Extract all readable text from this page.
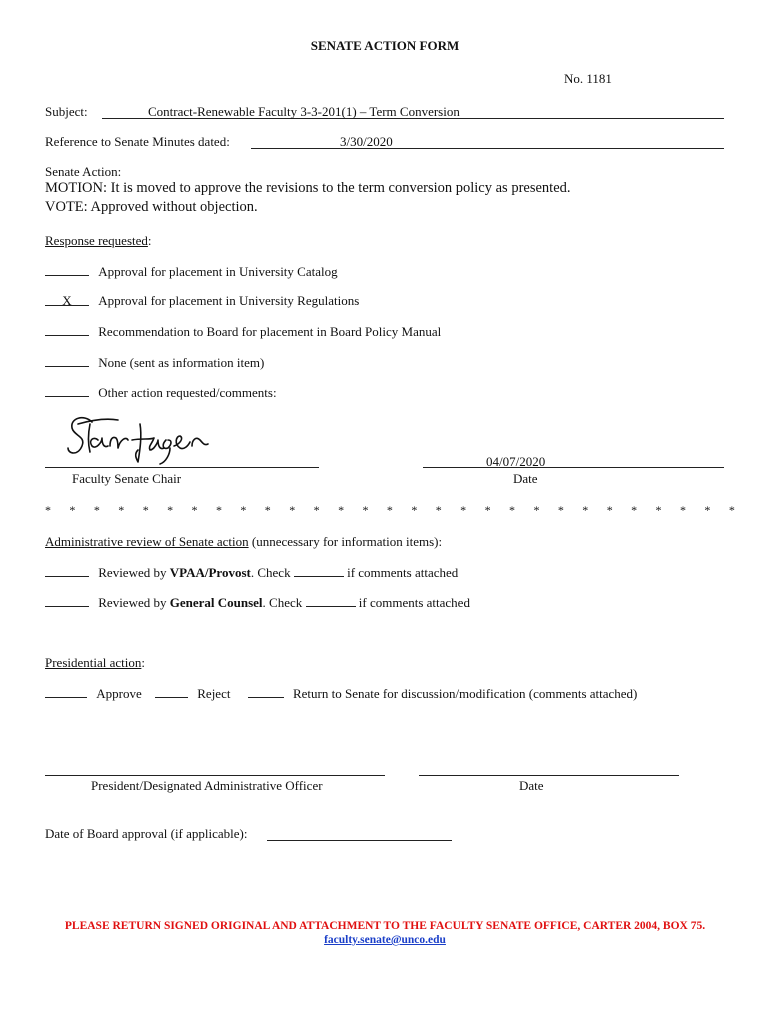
SENATE ACTION FORM
No. 1181
Subject:	Contract-Renewable Faculty 3-3-201(1) – Term Conversion
Reference to Senate Minutes dated:	3/30/2020
Senate Action:
MOTION: It is moved to approve the revisions to the term conversion policy as presented.
VOTE: Approved without objection.
Response requested:
Approval for placement in University Catalog
X Approval for placement in University Regulations
Recommendation to Board for placement in Board Policy Manual
None (sent as information item)
Other action requested/comments:
Faculty Senate Chair
04/07/2020
Date
* * * * * * * * * * * * * * * * * * * * * * * * * * * * *
Administrative review of Senate action (unnecessary for information items):
Reviewed by VPAA/Provost. Check	if comments attached
Reviewed by General Counsel. Check	if comments attached
Presidential action:
Approve	Reject	Return to Senate for discussion/modification (comments attached)
President/Designated Administrative Officer	Date
Date of Board approval (if applicable):
PLEASE RETURN SIGNED ORIGINAL AND ATTACHMENT TO THE FACULTY SENATE OFFICE, CARTER 2004, BOX 75.
faculty.senate@unco.edu
